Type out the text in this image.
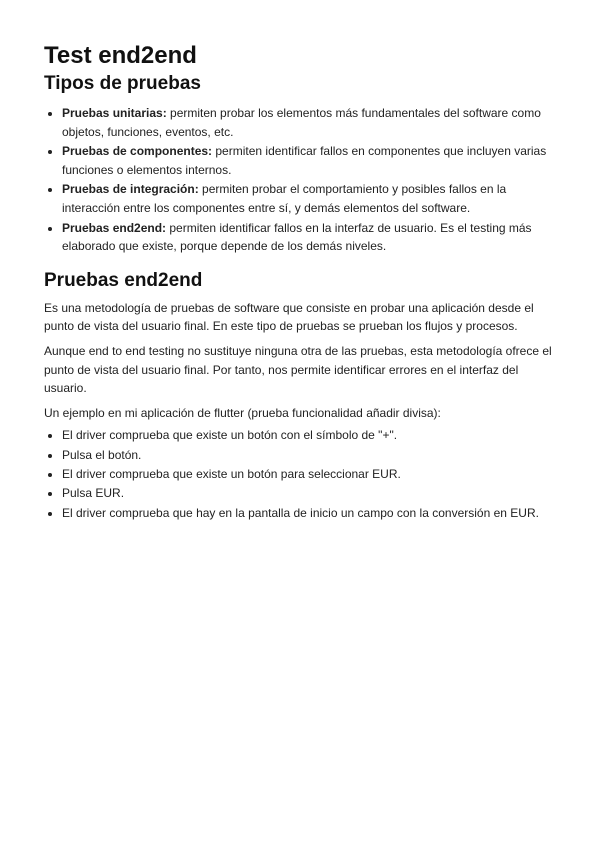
Test end2end
Tipos de pruebas
• Pruebas unitarias: permiten probar los elementos más fundamentales del software como objetos, funciones, eventos, etc.
• Pruebas de componentes: permiten identificar fallos en componentes que incluyen varias funciones o elementos internos.
• Pruebas de integración: permiten probar el comportamiento y posibles fallos en la interacción entre los componentes entre sí, y demás elementos del software.
• Pruebas end2end: permiten identificar fallos en la interfaz de usuario. Es el testing más elaborado que existe, porque depende de los demás niveles.
Pruebas end2end

Es una metodología de pruebas de software que consiste en probar una aplicación desde el punto de vista del usuario final. En este tipo de pruebas se prueban los flujos y procesos.

Aunque end to end testing no sustituye ninguna otra de las pruebas, esta metodología ofrece el punto de vista del usuario final. Por tanto, nos permite identificar errores en el interfaz del usuario.

Un ejemplo en mi aplicación de flutter (prueba funcionalidad añadir divisa):

• El driver comprueba que existe un botón con el símbolo de "+".
• Pulsa el botón.
• El driver comprueba que existe un botón para seleccionar EUR.
• Pulsa EUR.
• El driver comprueba que hay en la pantalla de inicio un campo con la conversión en EUR.
